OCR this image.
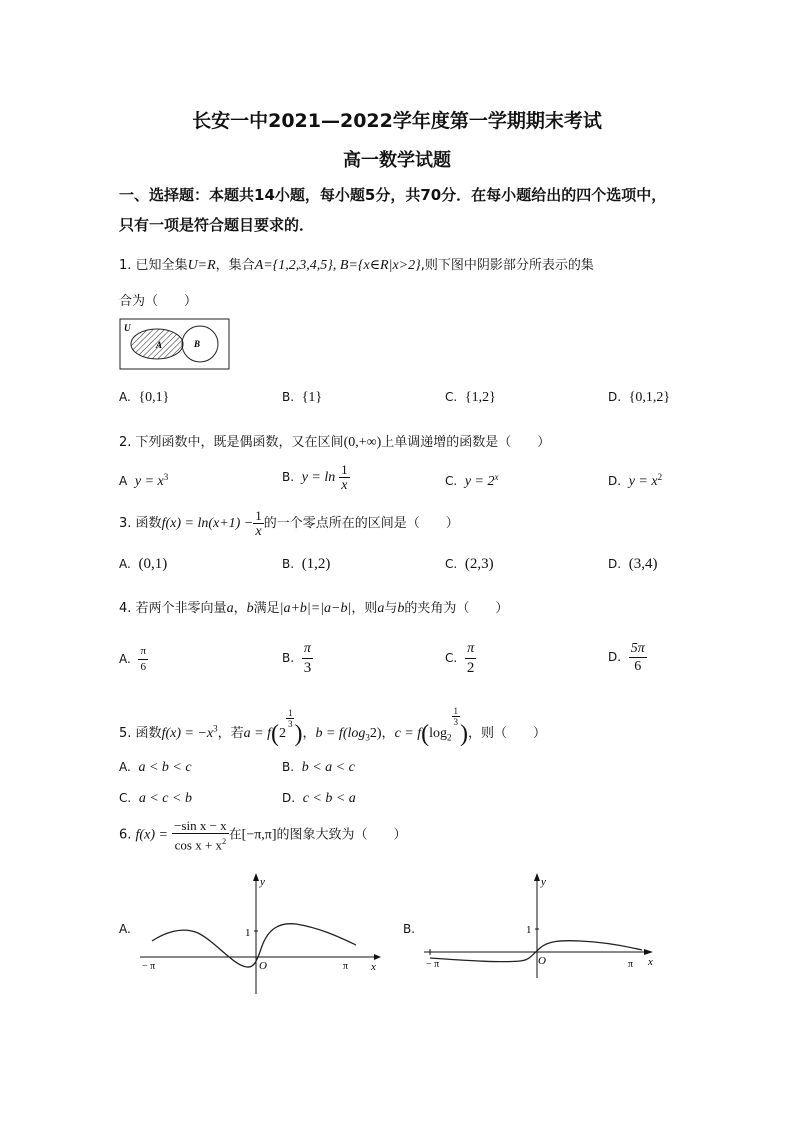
长安一中2021—2022学年度第一学期期末考试
高一数学试题
一、选择题：本题共14小题，每小题5分，共70分．在每小题给出的四个选项中，只有一项是符合题目要求的．
1. 已知全集U=R，集合A={1,2,3,4,5}, B={x∈R|x>2},则下图中阴影部分所表示的集
合为（　　）
U
A	B
A. {0,1}	B. {1}	C. {1,2}	D. {0,1,2}
2. 下列函数中，既是偶函数，又在区间(0,+∞)上单调递增的函数是（　　）
A $y = x^3$	B. $y = \ln \frac{1}{x}$	C. $y = 2^x$	D. $y = x^2$
3. 函数$f(x) = \ln(x+1) - \frac{1}{x}$ 的一个零点所在的区间是（　　）
A. (0,1)	B. (1,2)	C. (2,3)	D. (3,4)
4. 若两个非零向量a，b满足|a+b|=|a−b|，则a与b的夹角为（　　）
A. $\frac{\pi}{6}$	B. $\frac{\pi}{3}$	C. $\frac{\pi}{2}$	D. $\frac{5\pi}{6}$
5. 函数$f(x) = -x^3$，若a = f(2
$\frac{1}{3}$
)，$b = f(\log_32)$，$c = f(\log_2$
$\frac{1}{3}$
)，则（　　）
A. a < b < c	B. b < a < c
C. a < c < b	D. c < b < a
6. $f(x) = \frac{\text{−sin x − x}}{\cos x + x^2}$ 在[−π,π]的图象大致为（　　）
A.
y
x
1
O
− π	π
B.
y
x
1
O
− π	π
